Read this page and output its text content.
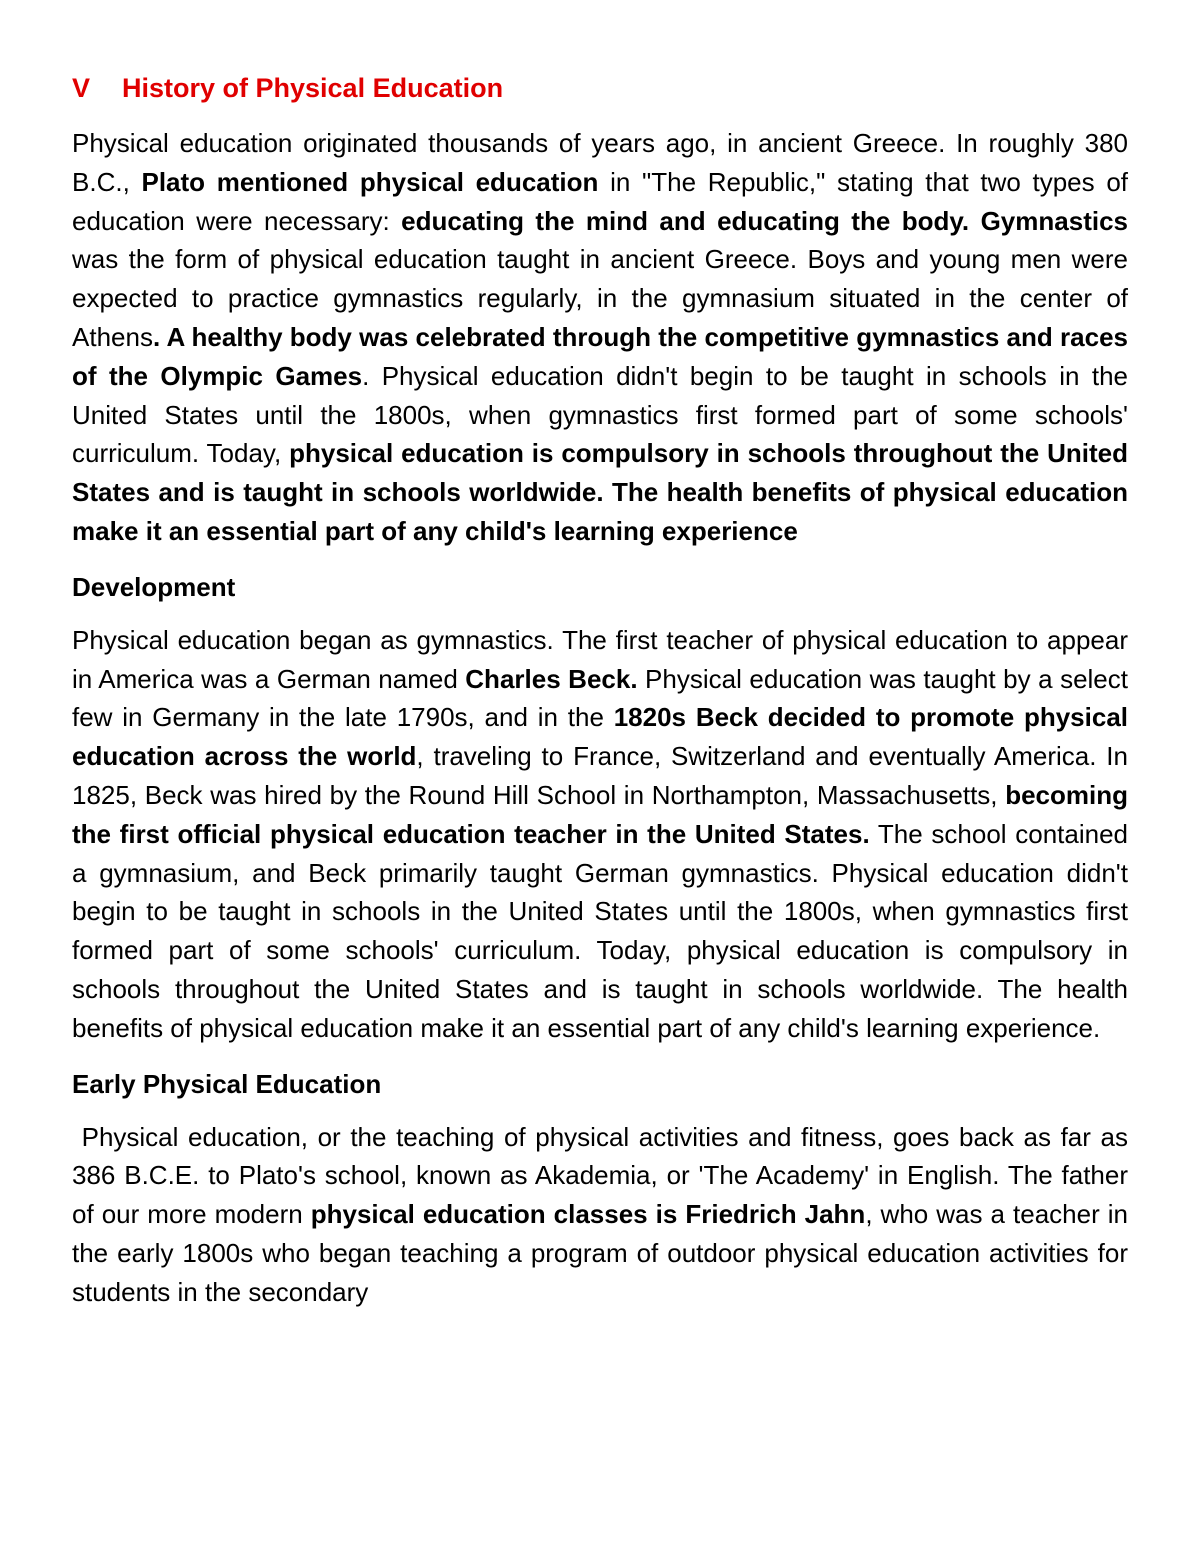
V History of Physical Education

Physical education originated thousands of years ago, in ancient Greece. In roughly 380 B.C., Plato mentioned physical education in "The Republic," stating that two types of education were necessary: educating the mind and educating the body. Gymnastics was the form of physical education taught in ancient Greece. Boys and young men were expected to practice gymnastics regularly, in the gymnasium situated in the center of Athens. A healthy body was celebrated through the competitive gymnastics and races of the Olympic Games. Physical education didn't begin to be taught in schools in the United States until the 1800s, when gymnastics first formed part of some schools' curriculum. Today, physical education is compulsory in schools throughout the United States and is taught in schools worldwide. The health benefits of physical education make it an essential part of any child's learning experience

Development

Physical education began as gymnastics. The first teacher of physical education to appear in America was a German named Charles Beck. Physical education was taught by a select few in Germany in the late 1790s, and in the 1820s Beck decided to promote physical education across the world, traveling to France, Switzerland and eventually America. In 1825, Beck was hired by the Round Hill School in Northampton, Massachusetts, becoming the first official physical education teacher in the United States. The school contained a gymnasium, and Beck primarily taught German gymnastics. Physical education didn't begin to be taught in schools in the United States until the 1800s, when gymnastics first formed part of some schools' curriculum. Today, physical education is compulsory in schools throughout the United States and is taught in schools worldwide. The health benefits of physical education make it an essential part of any child's learning experience.

Early Physical Education

Physical education, or the teaching of physical activities and fitness, goes back as far as 386 B.C.E. to Plato's school, known as Akademia, or 'The Academy' in English. The father of our more modern physical education classes is Friedrich Jahn, who was a teacher in the early 1800s who began teaching a program of outdoor physical education activities for students in the secondary
